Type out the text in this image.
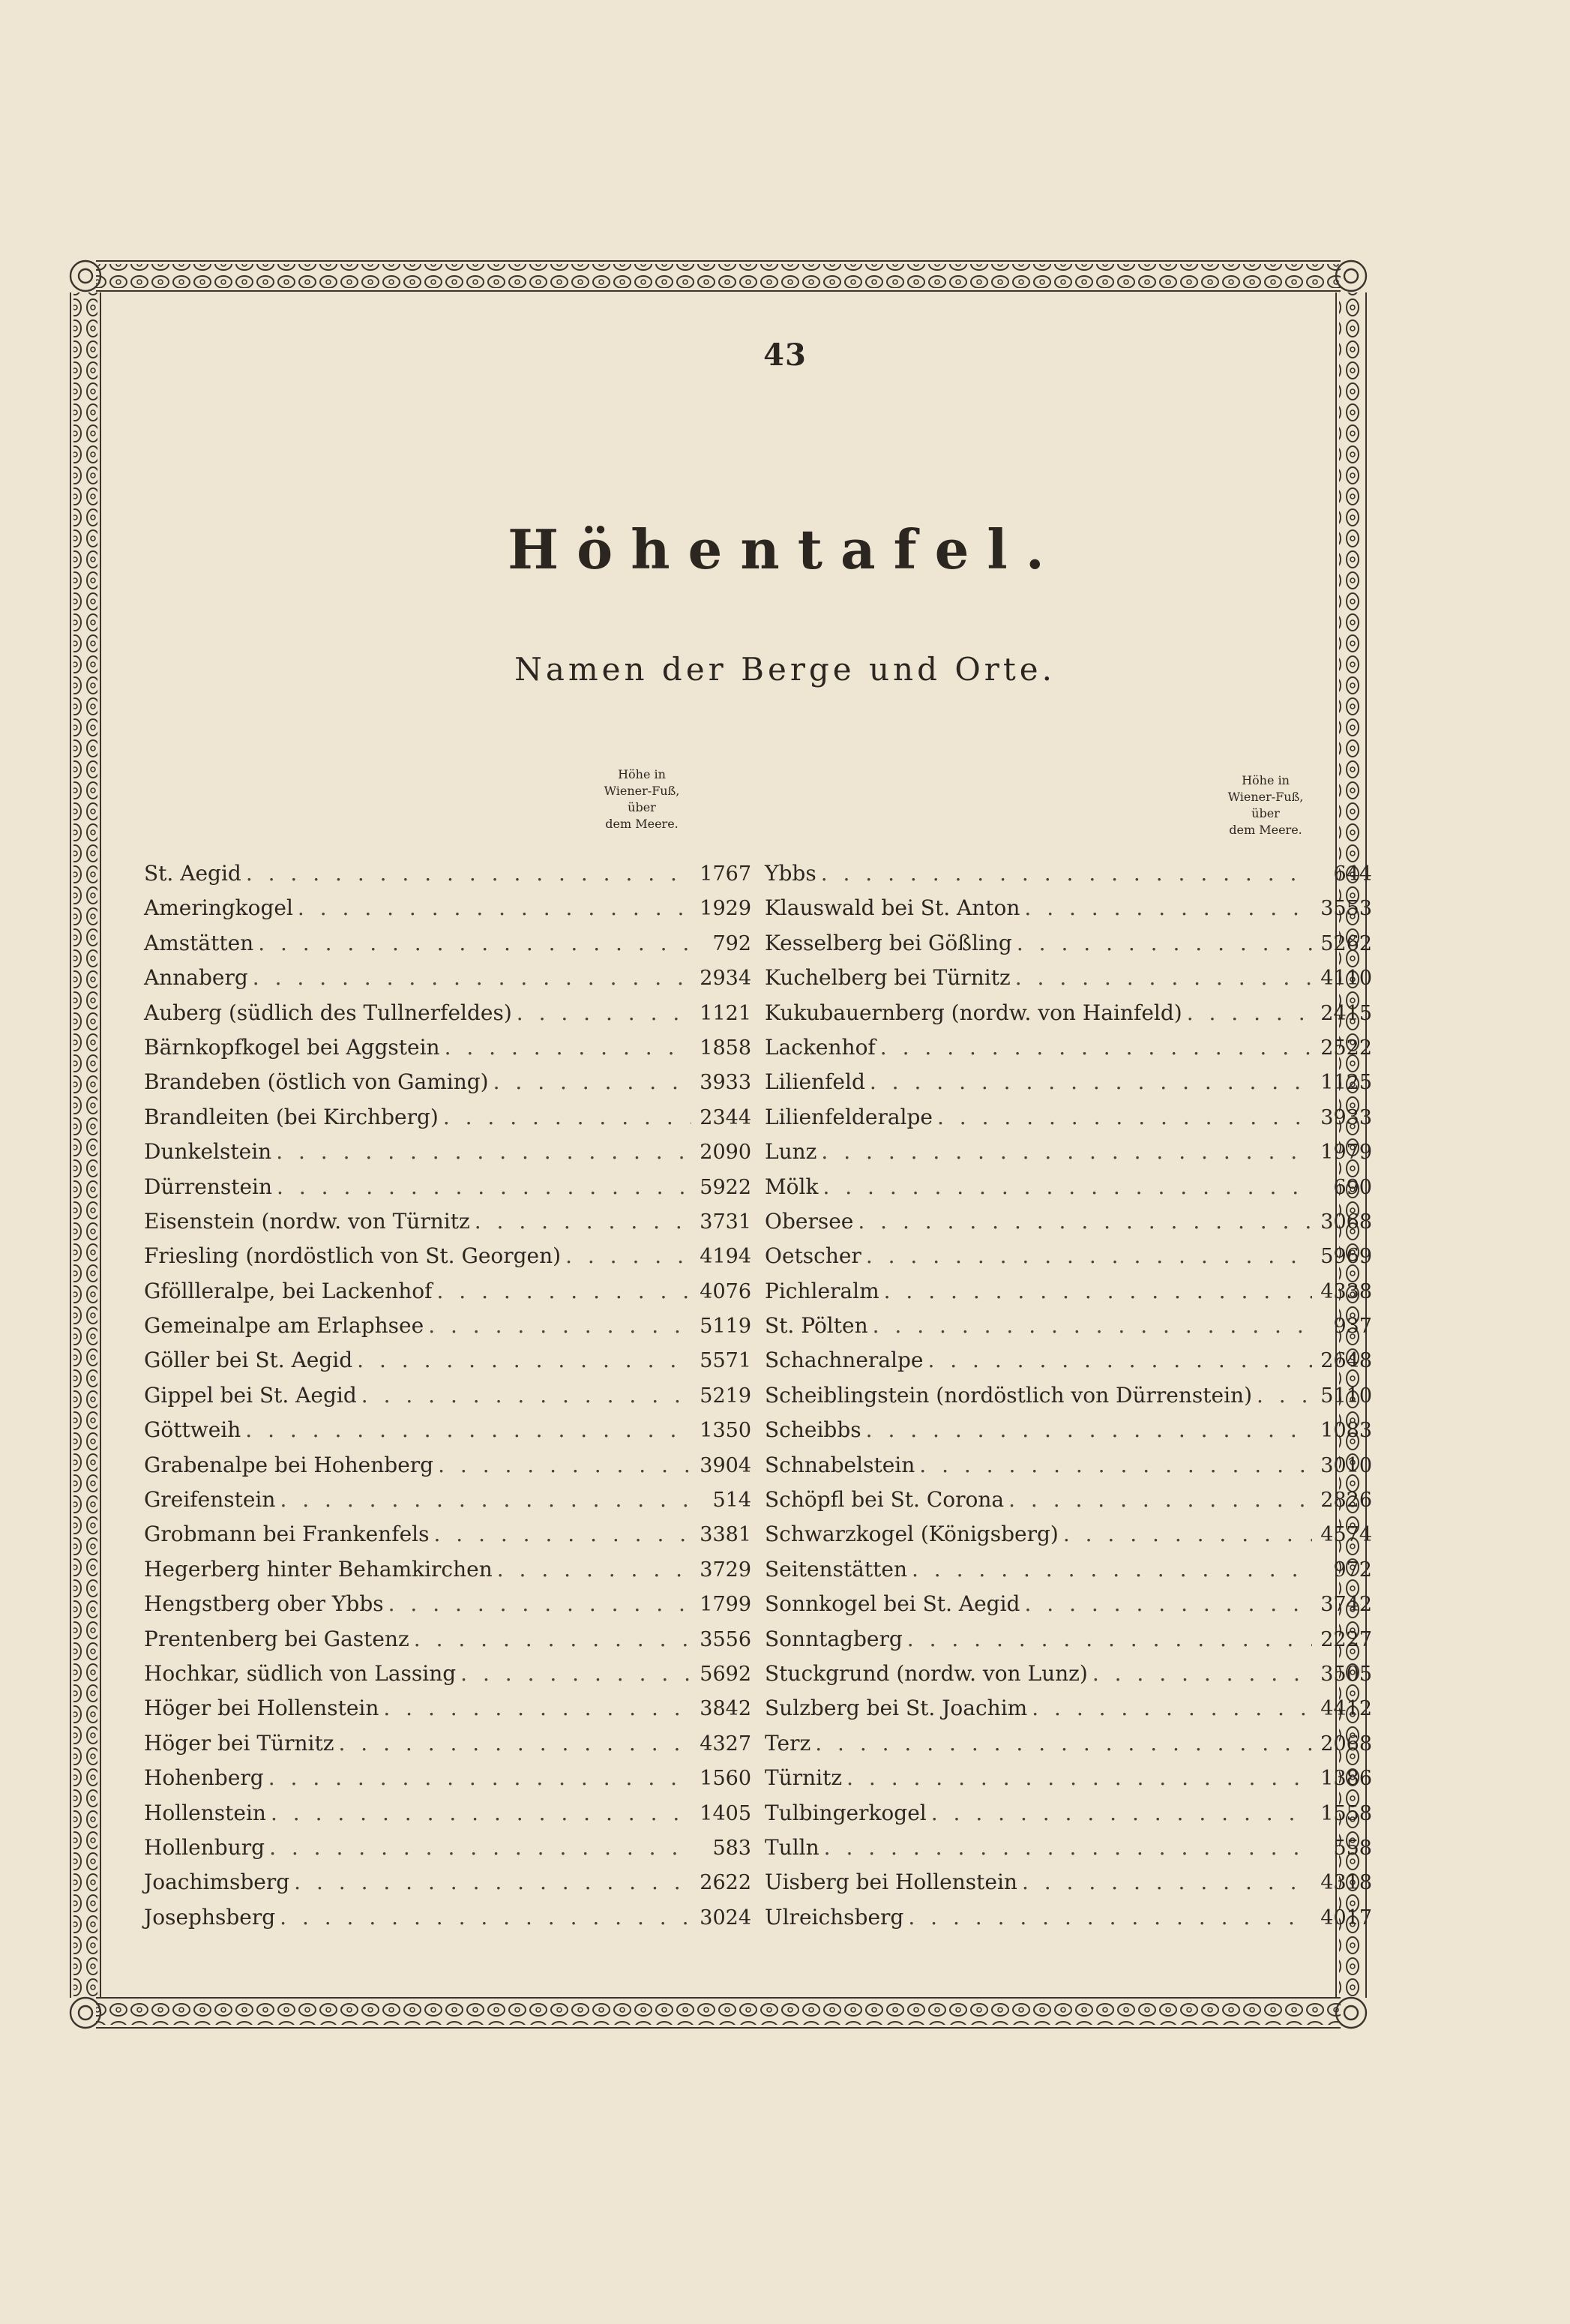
43
Höhentafel.
Namen der Berge und Orte.
Höhe in
Wiener-Fuß,
über
dem Meere.
Höhe in
Wiener-Fuß,
über
dem Meere.
St. Aegid . . .	1767
Ameringkogel . . .	1929
Amstätten . . .	792
Annaberg . . .	2934
Auberg (südlich des Tullnerfeldes) . . .	1121
Bärnkopfkogel bei Aggstein . . .	1858
Brandeben (östlich von Gaming) . . .	3933
Brandleiten (bei Kirchberg) . . .	2344
Dunkelstein . . .	2090
Dürrenstein . . .	5922
Eisenstein (nordw. von Türnitz . . .	3731
Friesling (nordöstlich von St. Georgen) . . .	4194
Gföllleralpe, bei Lackenhof . . .	4076
Gemeinalpe am Erlaphsee . . .	5119
Göller bei St. Aegid . . .	5571
Gippel bei St. Aegid . . .	5219
Göttweih . . .	1350
Grabenalpe bei Hohenberg . . .	3904
Greifenstein . . .	514
Grobmann bei Frankenfels . . .	3381
Hegerberg hinter Behamkirchen . . .	3729
Hengstberg ober Ybbs . . .	1799
Prentenberg bei Gastenz . . .	3556
Hochkar, südlich von Lassing . . .	5692
Höger bei Hollenstein . . .	3842
Höger bei Türnitz . . .	4327
Hohenberg . . .	1560
Hollenstein . . .	1405
Hollenburg . . .	583
Joachimsberg . . .	2622
Josephsberg . . .	3024
Ybbs . . .	644
Klauswald bei St. Anton . . .	3553
Kesselberg bei Gößling . . .	5262
Kuchelberg bei Türnitz . . .	4110
Kukubauernberg (nordw. von Hainfeld) . . .	2415
Lackenhof . . .	2522
Lilienfeld . . .	1125
Lilienfelderalpe . . .	3933
Lunz . . .	1979
Mölk . . .	690
Obersee . . .	3068
Oetscher . . .	5969
Pichleralm . . .	4338
St. Pölten . . .	937
Schachneralpe . . .	2648
Scheiblingstein (nordöstlich von Dürrenstein) . . .	5110
Scheibbs . . .	1083
Schnabelstein . . .	3010
Schöpfl bei St. Corona . . .	2826
Schwarzkogel (Königsberg) . . .	4574
Seitenstätten . . .	972
Sonnkogel bei St. Aegid . . .	3742
Sonntagberg . . .	2227
Stuckgrund (nordw. von Lunz) . . .	3505
Sulzberg bei St. Joachim . . .	4412
Terz . . .	2068
Türnitz . . .	1386
Tulbingerkogel . . .	1558
Tulln . . .	558
Uisberg bei Hollenstein . . .	4318
Ulreichsberg . . .	4017
